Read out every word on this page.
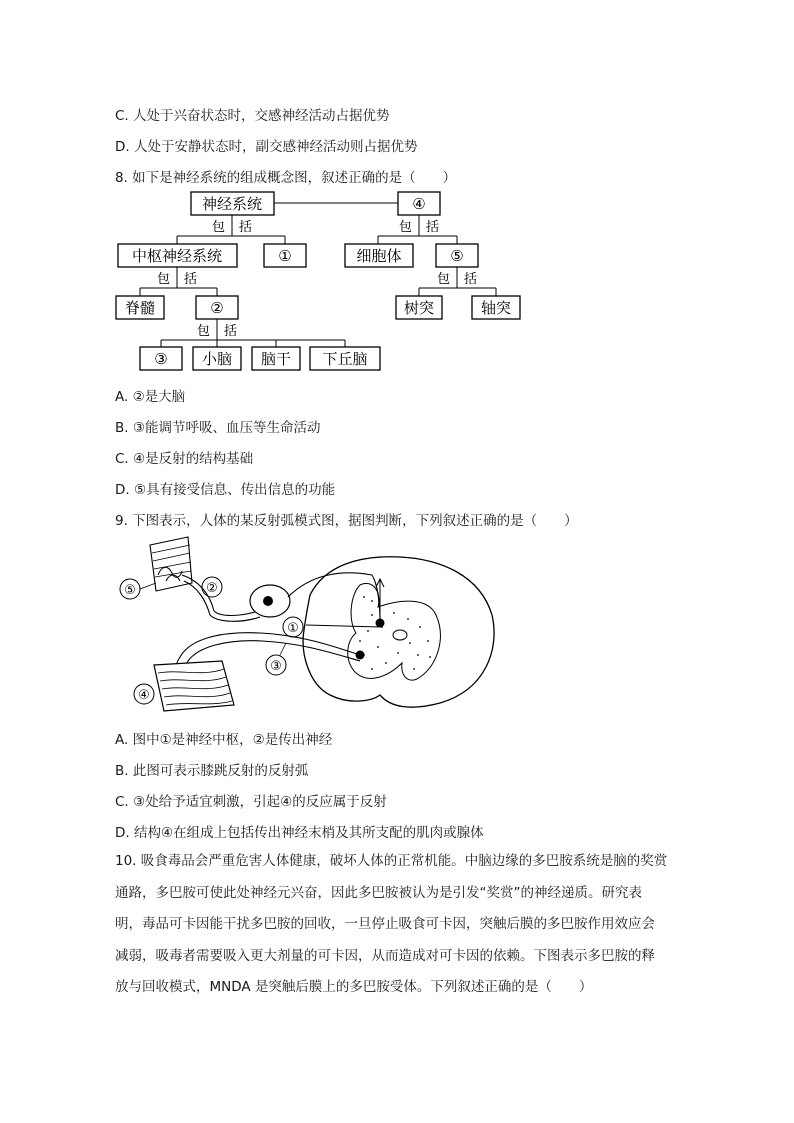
C. 人处于兴奋状态时，交感神经活动占据优势
D. 人处于安静状态时，副交感神经活动则占据优势
8. 如下是神经系统的组成概念图，叙述正确的是（　　）
神经系统	④
包 括	包 括
中枢神经系统	①	细胞体	⑤
包 括	包 括
脊髓	②	树突	轴突
包 括
③ 小脑 脑干 下丘脑
A. ②是大脑
B. ③能调节呼吸、血压等生命活动
C. ④是反射的结构基础
D. ⑤具有接受信息、传出信息的功能
9. 下图表示，人体的某反射弧模式图，据图判断，下列叙述正确的是（　　）
⑤	②
①
③
④
A. 图中①是神经中枢，②是传出神经
B. 此图可表示膝跳反射的反射弧
C. ③处给予适宜刺激，引起④的反应属于反射
D. 结构④在组成上包括传出神经末梢及其所支配的肌肉或腺体
10. 吸食毒品会严重危害人体健康，破坏人体的正常机能。中脑边缘的多巴胺系统是脑的奖赏
通路，多巴胺可使此处神经元兴奋，因此多巴胺被认为是引发“奖赏”的神经递质。研究表
明，毒品可卡因能干扰多巴胺的回收，一旦停止吸食可卡因，突触后膜的多巴胺作用效应会
减弱，吸毒者需要吸入更大剂量的可卡因，从而造成对可卡因的依赖。下图表示多巴胺的释
放与回收模式，MNDA 是突触后膜上的多巴胺受体。下列叙述正确的是（　　）
